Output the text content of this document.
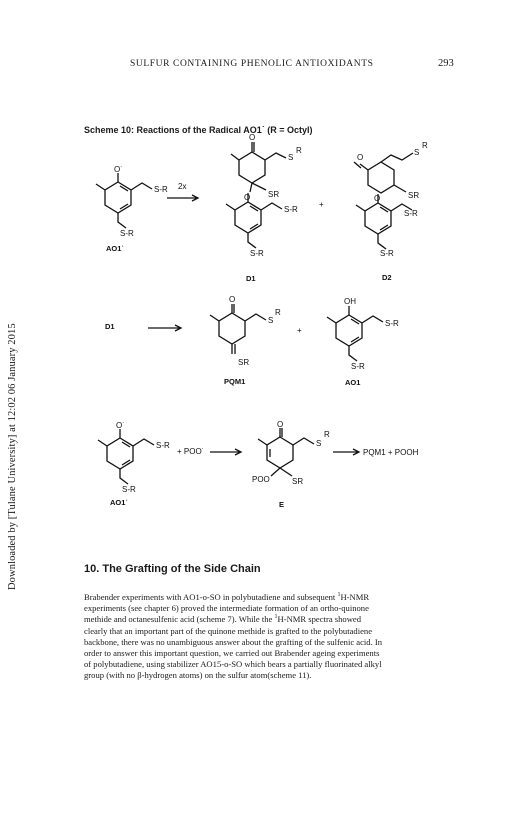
Downloaded by [Tulane University] at 12:02 06 January 2015
SULFUR CONTAINING PHENOLIC ANTIOXIDANTS	293
Scheme 10: Reactions of the Radical AO1˙ (R = Octyl)
O˙
S-R
S-R
AO1˙
2x
O
S
R
SR
O
S-R
S-R
D1
+
O
S
R
SR
O
S-R
S-R
D2
D1
O
S
R
SR
PQM1
+
OH
S-R
S-R
AO1
O˙
S-R
S-R
AO1˙
+ POO˙
O
S
R
POO	SR
E
PQM1 + POOH
10. The Grafting of the Side Chain

Brabender experiments with AO1-o-SO in polybutadiene and subsequent $^1$H-NMR

experiments (see chapter 6) proved the intermediate formation of an ortho-quinone

methide and octanesulfenic acid (scheme 7). While the $^1$H-NMR spectra showed

clearly that an important part of the quinone methide is grafted to the polybutadiene

backbone, there was no unambiguous answer about the grafting of the sulfenic acid. In

order to answer this important question, we carried out Brabender ageing experiments

of polybutadiene, using stabilizer AO15-o-SO which bears a partially fluorinated alkyl

group (with no β-hydrogen atoms) on the sulfur atom(scheme 11).
